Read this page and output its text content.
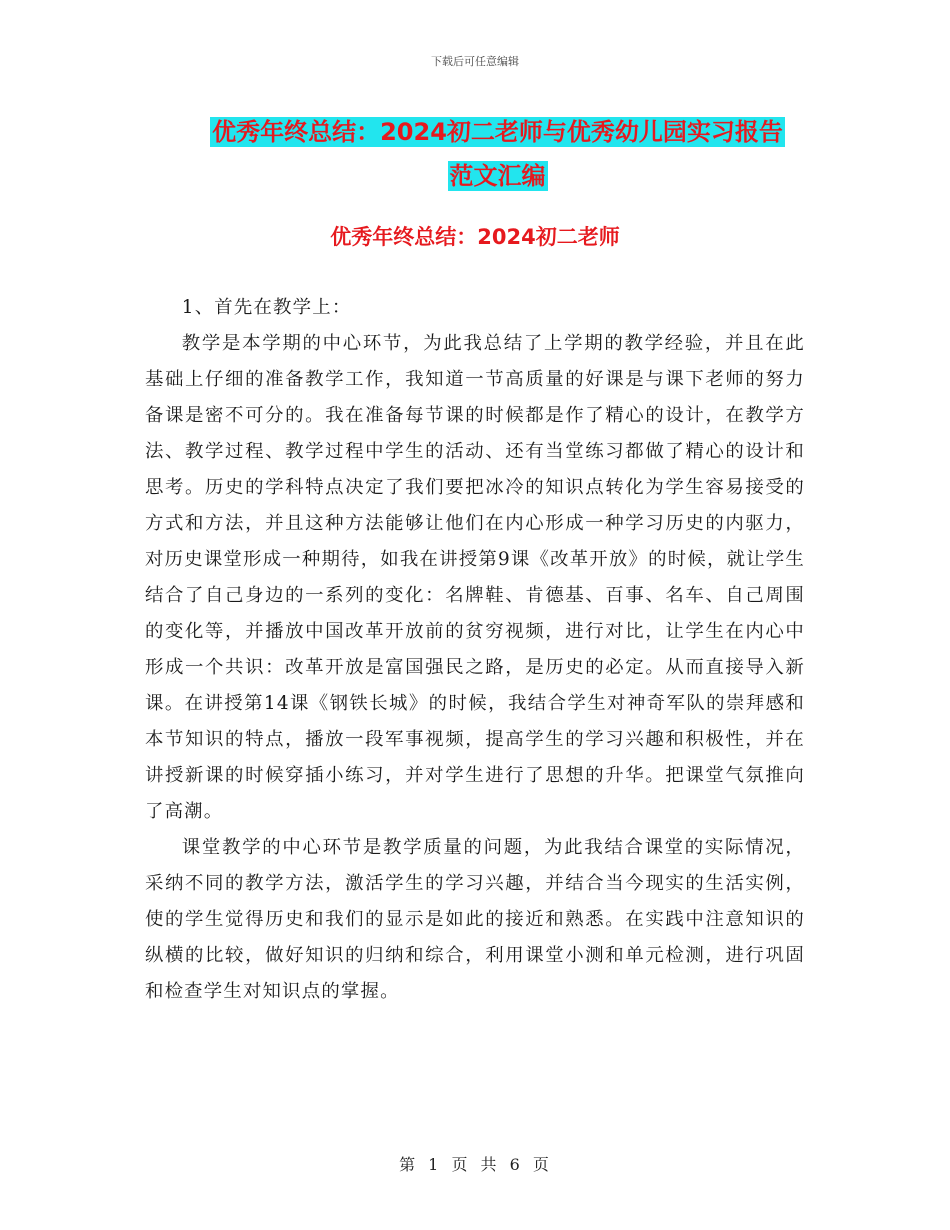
下载后可任意编辑
优秀年终总结：2024初二老师与优秀幼儿园实习报告
范文汇编
优秀年终总结：2024初二老师

1、首先在教学上：

教学是本学期的中心环节，为此我总结了上学期的教学经验，并且在此基础上仔细的准备教学工作，我知道一节高质量的好课是与课下老师的努力备课是密不可分的。我在准备每节课的时候都是作了精心的设计，在教学方法、教学过程、教学过程中学生的活动、还有当堂练习都做了精心的设计和思考。历史的学科特点决定了我们要把冰冷的知识点转化为学生容易接受的方式和方法，并且这种方法能够让他们在内心形成一种学习历史的内驱力，对历史课堂形成一种期待，如我在讲授第9课《改革开放》的时候，就让学生结合了自己身边的一系列的变化：名牌鞋、肯德基、百事、名车、自己周围的变化等，并播放中国改革开放前的贫穷视频，进行对比，让学生在内心中形成一个共识：改革开放是富国强民之路，是历史的必定。从而直接导入新课。在讲授第14课《钢铁长城》的时候，我结合学生对神奇军队的崇拜感和本节知识的特点，播放一段军事视频，提高学生的学习兴趣和积极性，并在讲授新课的时候穿插小练习，并对学生进行了思想的升华。把课堂气氛推向了高潮。

课堂教学的中心环节是教学质量的问题，为此我结合课堂的实际情况，采纳不同的教学方法，激活学生的学习兴趣，并结合当今现实的生活实例，使的学生觉得历史和我们的显示是如此的接近和熟悉。在实践中注意知识的纵横的比较，做好知识的归纳和综合，利用课堂小测和单元检测，进行巩固和检查学生对知识点的掌握。

第 1 页 共 6 页
